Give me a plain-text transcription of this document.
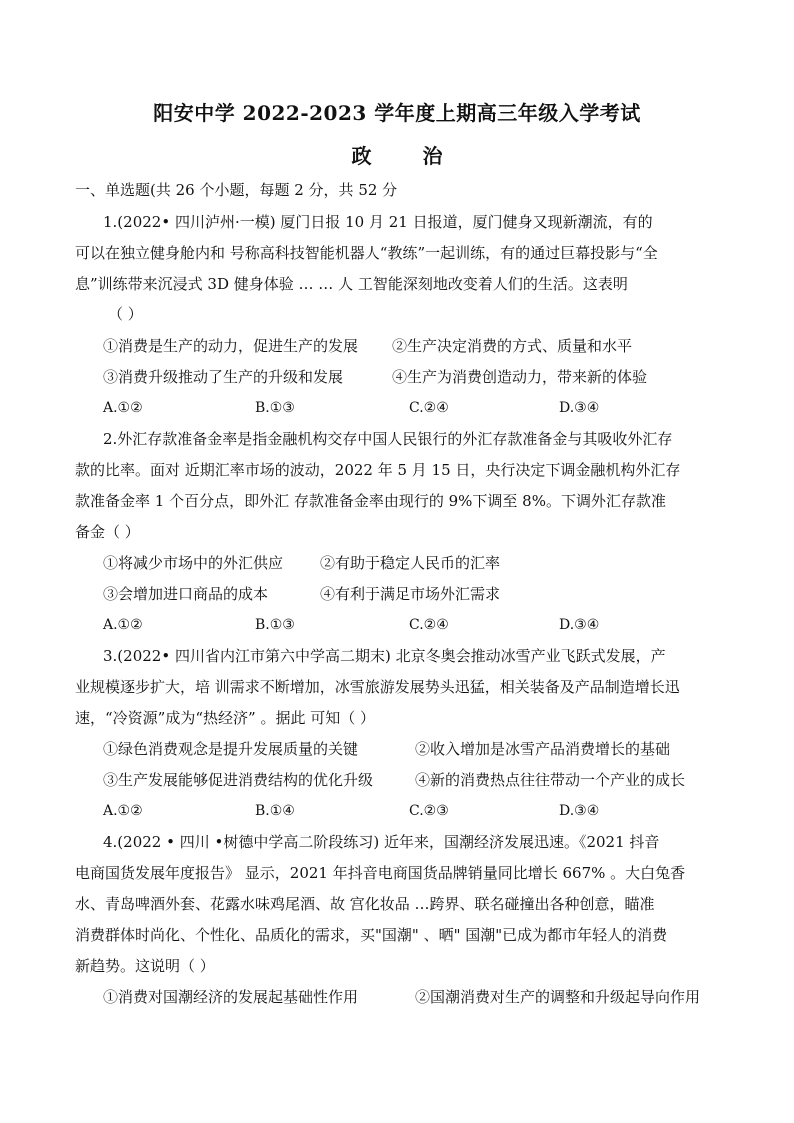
阳安中学 2022-2023 学年度上期高三年级入学考试
政 治
一、单选题(共 26 个小题，每题 2 分，共 52 分
1.(2022• 四川泸州·一模) 厦门日报 10 月 21 日报道，厦门健身又现新潮流，有的
可以在独立健身舱内和 号称高科技智能机器人“教练”一起训练，有的通过巨幕投影与“全
息”训练带来沉浸式 3D 健身体验 … … 人 工智能深刻地改变着人们的生活。这表明
（ ）
①消费是生产的动力，促进生产的发展 ②生产决定消费的方式、质量和水平
③消费升级推动了生产的升级和发展	④生产为消费创造动力，带来新的体验
A.①②	B.①③	C.②④	D.③④
2.外汇存款准备金率是指金融机构交存中国人民银行的外汇存款准备金与其吸收外汇存
款的比率。面对 近期汇率市场的波动，2022 年 5 月 15 日，央行决定下调金融机构外汇存
款准备金率 1 个百分点，即外汇 存款准备金率由现行的 9%下调至 8%。下调外汇存款准
备金（ ）
①将减少市场中的外汇供应 ②有助于稳定人民币的汇率
③会增加进口商品的成本	④有利于满足市场外汇需求
A.①②	B.①③	C.②④	D.③④
3.(2022• 四川省内江市第六中学高二期末) 北京冬奥会推动冰雪产业飞跃式发展，产
业规模逐步扩大，培 训需求不断增加，冰雪旅游发展势头迅猛，相关装备及产品制造增长迅
速，“冷资源”成为“热经济” 。据此 可知（ ）
①绿色消费观念是提升发展质量的关键	②收入增加是冰雪产品消费增长的基础
③生产发展能够促进消费结构的优化升级	④新的消费热点往往带动一个产业的成长
A.①②	B.①④	C.②③	D.③④
4.(2022 • 四川 •树德中学高二阶段练习) 近年来，国潮经济发展迅速。《2021 抖音
电商国货发展年度报告》 显示，2021 年抖音电商国货品牌销量同比增长 667% 。大白兔香
水、青岛啤酒外套、花露水味鸡尾酒、故 宫化妆品 …跨界、联名碰撞出各种创意，瞄准
消费群体时尚化、个性化、品质化的需求，买"国潮" 、晒" 国潮"已成为都市年轻人的消费
新趋势。这说明（ ）
①消费对国潮经济的发展起基础性作用	②国潮消费对生产的调整和升级起导向作用
